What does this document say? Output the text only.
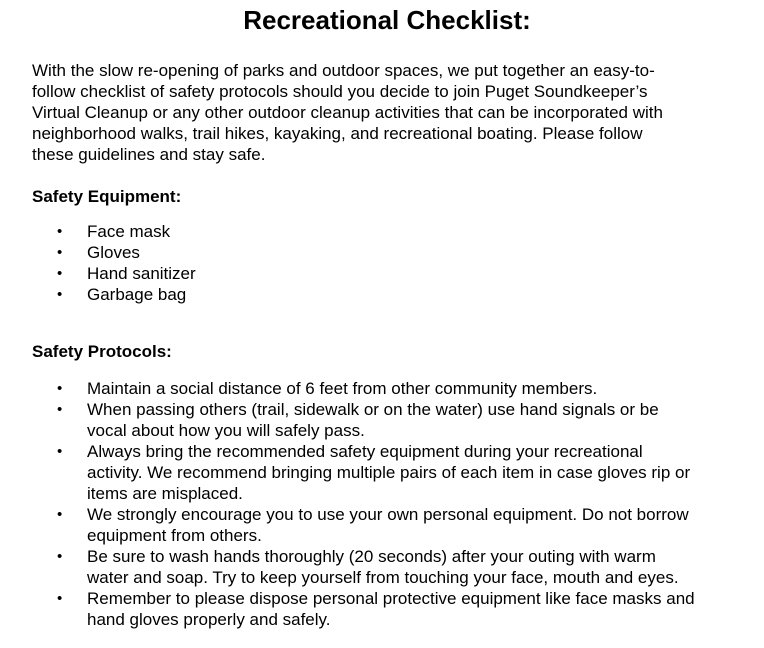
Recreational Checklist:

With the slow re-opening of parks and outdoor spaces, we put together an easy-to-
follow checklist of safety protocols should you decide to join Puget Soundkeeper’s
Virtual Cleanup or any other outdoor cleanup activities that can be incorporated with
neighborhood walks, trail hikes, kayaking, and recreational boating. Please follow
these guidelines and stay safe.

Safety Equipment:
• Face mask
• Gloves
• Hand sanitizer
• Garbage bag
Safety Protocols:
• Maintain a social distance of 6 feet from other community members.
• When passing others (trail, sidewalk or on the water) use hand signals or be
vocal about how you will safely pass.
• Always bring the recommended safety equipment during your recreational
activity. We recommend bringing multiple pairs of each item in case gloves rip or
items are misplaced.
• We strongly encourage you to use your own personal equipment. Do not borrow
equipment from others.
• Be sure to wash hands thoroughly (20 seconds) after your outing with warm
water and soap. Try to keep yourself from touching your face, mouth and eyes.
• Remember to please dispose personal protective equipment like face masks and
hand gloves properly and safely.
